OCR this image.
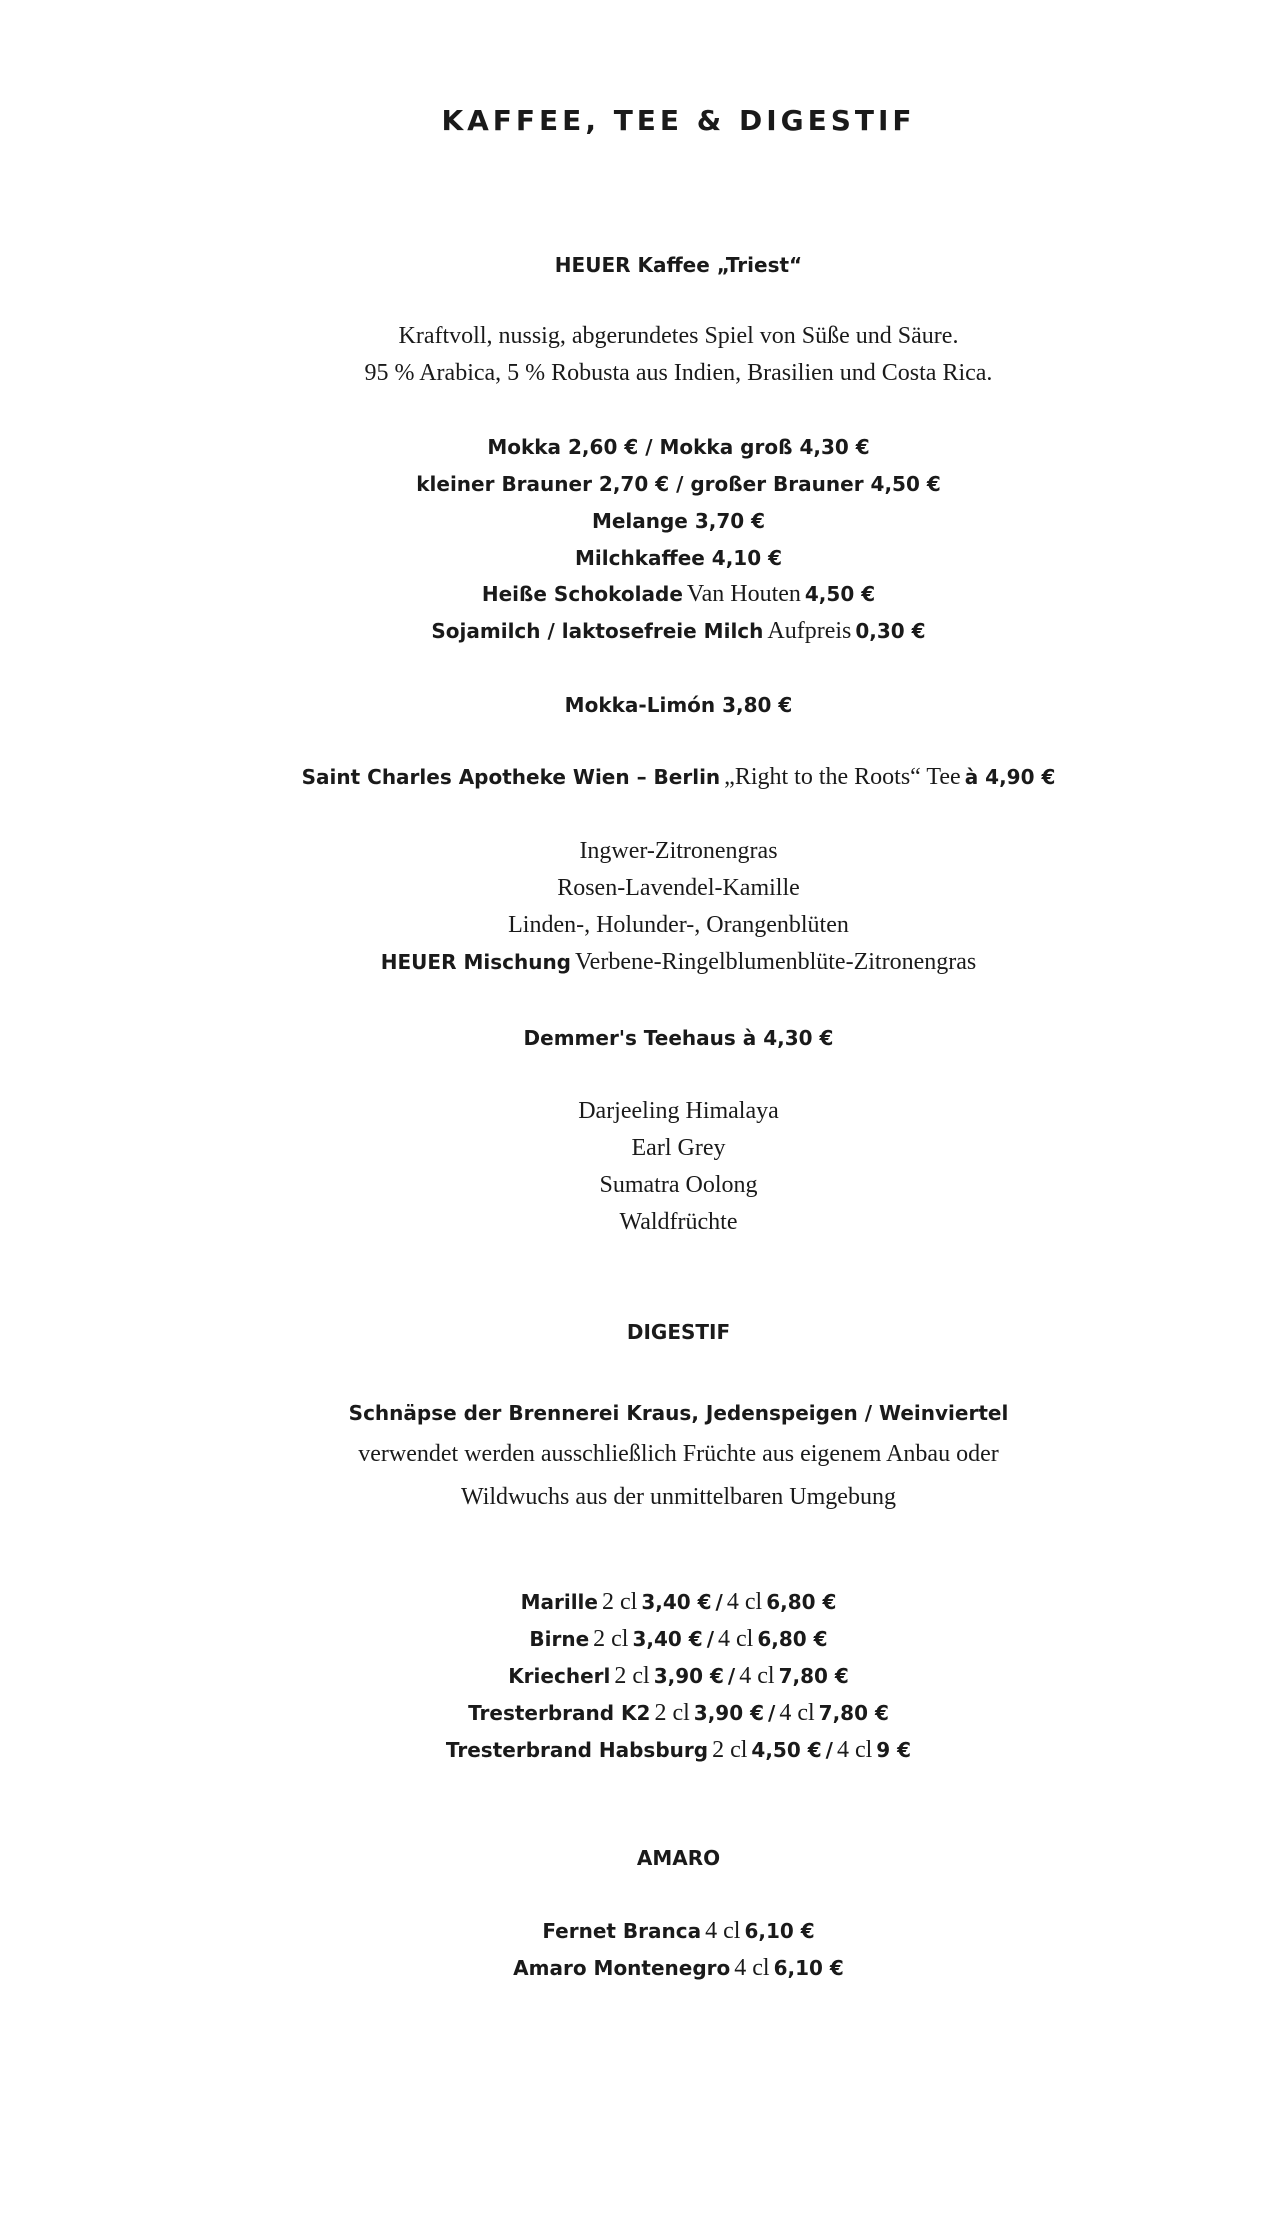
KAFFEE, TEE & DIGESTIF
HEUER Kaffee „Triest“
Kraftvoll, nussig, abgerundetes Spiel von Süße und Säure.
95 % Arabica, 5 % Robusta aus Indien, Brasilien und Costa Rica.
Mokka 2,60 € / Mokka groß 4,30 €
kleiner Brauner 2,70 € / großer Brauner 4,50 €
Melange 3,70 €
Milchkaffee 4,10 €
Heiße Schokolade Van Houten 4,50 €
Sojamilch / laktosefreie Milch Aufpreis 0,30 €
Mokka-Limón 3,80 €
Saint Charles Apotheke Wien – Berlin „Right to the Roots“ Tee à 4,90 €
Ingwer-Zitronengras
Rosen-Lavendel-Kamille
Linden-, Holunder-, Orangenblüten
HEUER Mischung Verbene-Ringelblumenblüte-Zitronengras
Demmer's Teehaus à 4,30 €
Darjeeling Himalaya
Earl Grey
Sumatra Oolong
Waldfrüchte
DIGESTIF
Schnäpse der Brennerei Kraus, Jedenspeigen / Weinviertel
verwendet werden ausschließlich Früchte aus eigenem Anbau oder
Wildwuchs aus der unmittelbaren Umgebung
Marille 2 cl 3,40 € / 4 cl 6,80 €
Birne 2 cl 3,40 € / 4 cl 6,80 €
Kriecherl 2 cl 3,90 € / 4 cl 7,80 €
Tresterbrand K2 2 cl 3,90 € / 4 cl 7,80 €
Tresterbrand Habsburg 2 cl 4,50 € / 4 cl 9 €
AMARO
Fernet Branca 4 cl 6,10 €
Amaro Montenegro 4 cl 6,10 €
